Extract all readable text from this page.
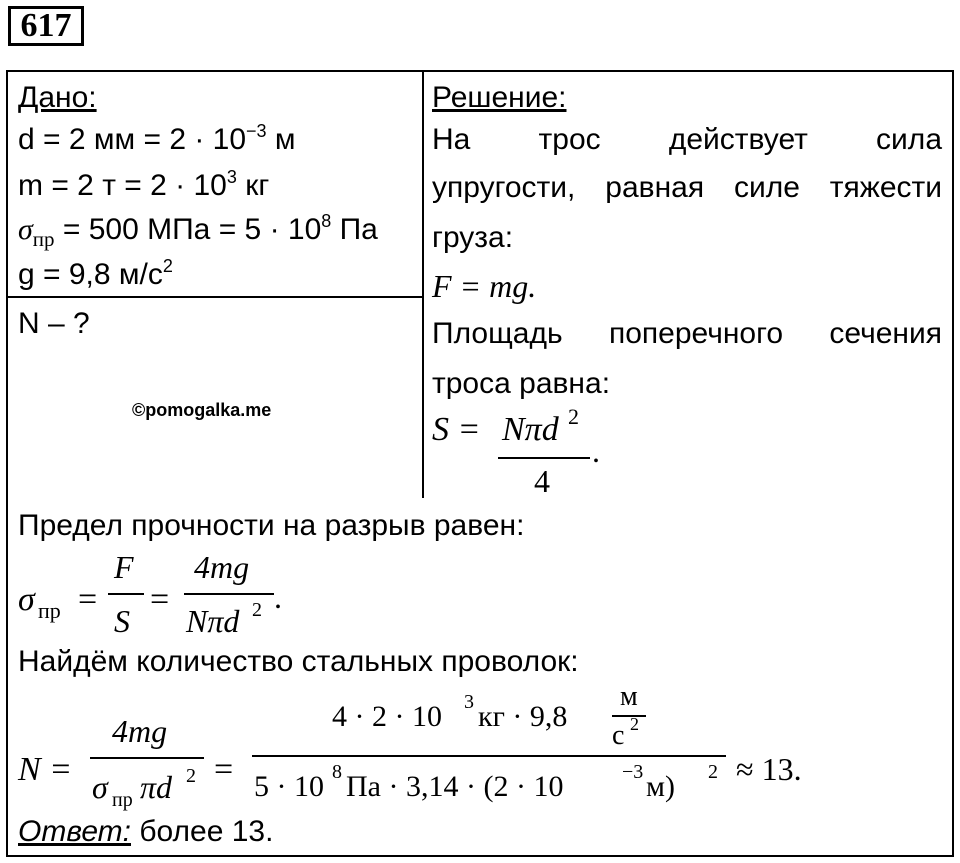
617
Дано:
d = 2 мм = $2 \cdot 10^{-3}$ м
m = 2 $т = 2 \cdot 10^3$ кг
$\sigma_{пр} = 500$ МПа = $5 \cdot 10^8$ Па
g = 9,8 $м/с^2$
N – ?
©pomogalka.me
Решение:
На трос действует сила
упругости, равная силе тяжести
груза:
F = mg.
Площадь поперечного сечения
троса равна:
S = Nπd 2
4
.
σ пр =
F
S
=
4mg
Nπd 2 .
N =
4mg
σ пр πd 2 =
4 · 2 · 10 3 кг · 9,8
м
с 2
5 · 10 8 Па · 3,14 · (2 · 10	−3 м) 2 ≈ 13.
Предел прочности на разрыв равен:
Найдём количество стальных проволок:
Ответ: более 13.
